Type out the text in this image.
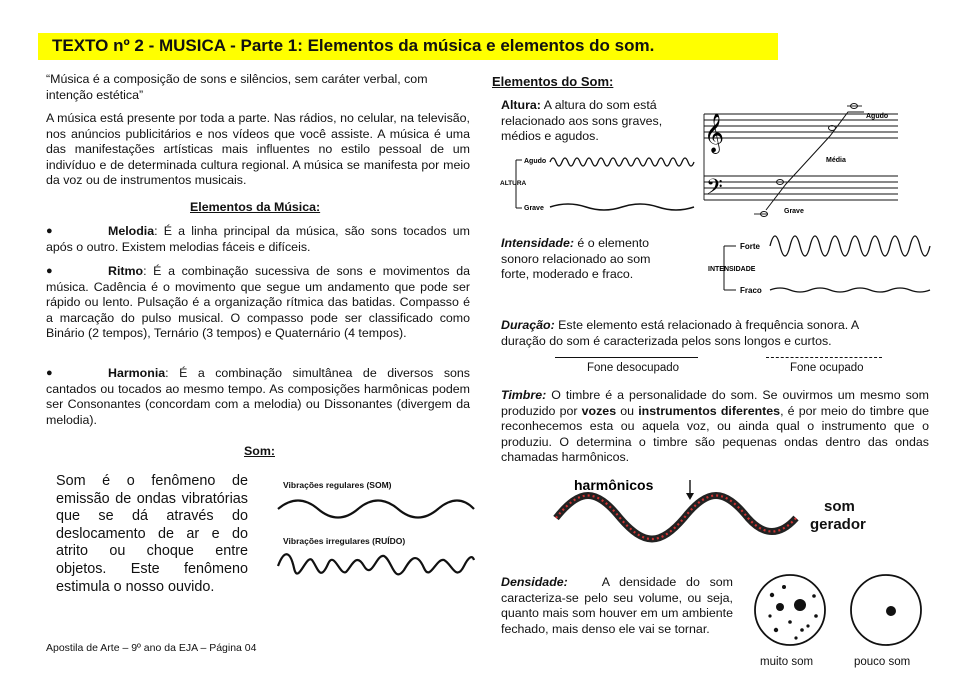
TEXTO nº 2 - MUSICA - Parte 1: Elementos da música e elementos do som.
“Música é a composição de sons e silêncios, sem caráter verbal, com intenção estética”
A música está presente por toda a parte. Nas rádios, no celular, na televisão, nos anúncios publicitários e nos vídeos que você assiste. A música é uma das manifestações artísticas mais influentes no estilo pessoal de um indivíduo e de determinada cultura regional. A música se manifesta por meio da voz ou de instrumentos musicais.
Elementos da Música:
●	Melodia: É a linha principal da música, são sons tocados um após o outro. Existem melodias fáceis e difíceis.
●	Ritmo: É a combinação sucessiva de sons e movimentos da música. Cadência é o movimento que segue um andamento que pode ser rápido ou lento. Pulsação é a organização rítmica das batidas. Compasso é a marcação do pulso musical. O compasso pode ser classificado como Binário (2 tempos), Ternário (3 tempos) e Quaternário (4 tempos).
●	Harmonia: É a combinação simultânea de diversos sons cantados ou tocados ao mesmo tempo. As composições harmônicas podem ser Consonantes (concordam com a melodia) ou Dissonantes (divergem da melodia).
Som:
Som é o fenômeno de emissão de ondas vibratórias que se dá através do deslocamento de ar e do atrito ou choque entre objetos. Este fenômeno estimula o nosso ouvido.
Vibrações regulares (SOM)
Vibrações irregulares (RUÍDO)
Apostila de Arte – 9º ano da EJA – Página 04
Elementos do Som:
Altura: A altura do som está relacionado aos sons graves, médios e agudos.
Agudo
ALTURA
Grave
𝄞
𝄢
Agudo
Média
Grave
Intensidade: é o elemento sonoro relacionado ao som forte, moderado e fraco.
Forte
INTENSIDADE
Fraco
Duração: Este elemento está relacionado à frequência sonora. A duração do som é caracterizada pelos sons longos e curtos.
Fone desocupado	Fone ocupado
Timbre: O timbre é a personalidade do som. Se ouvirmos um mesmo som produzido por vozes ou instrumentos diferentes, é por meio do timbre que reconhecemos esta ou aquela voz, ou ainda qual o instrumento que o produziu. O determina o timbre são pequenas ondas dentro das ondas chamadas harmônicos.
harmônicos
som
gerador
Densidade:	A densidade do som caracteriza-se pelo seu volume, ou seja, quanto mais som houver em um ambiente fechado, mais denso ele vai se tornar.
muito som	pouco som
